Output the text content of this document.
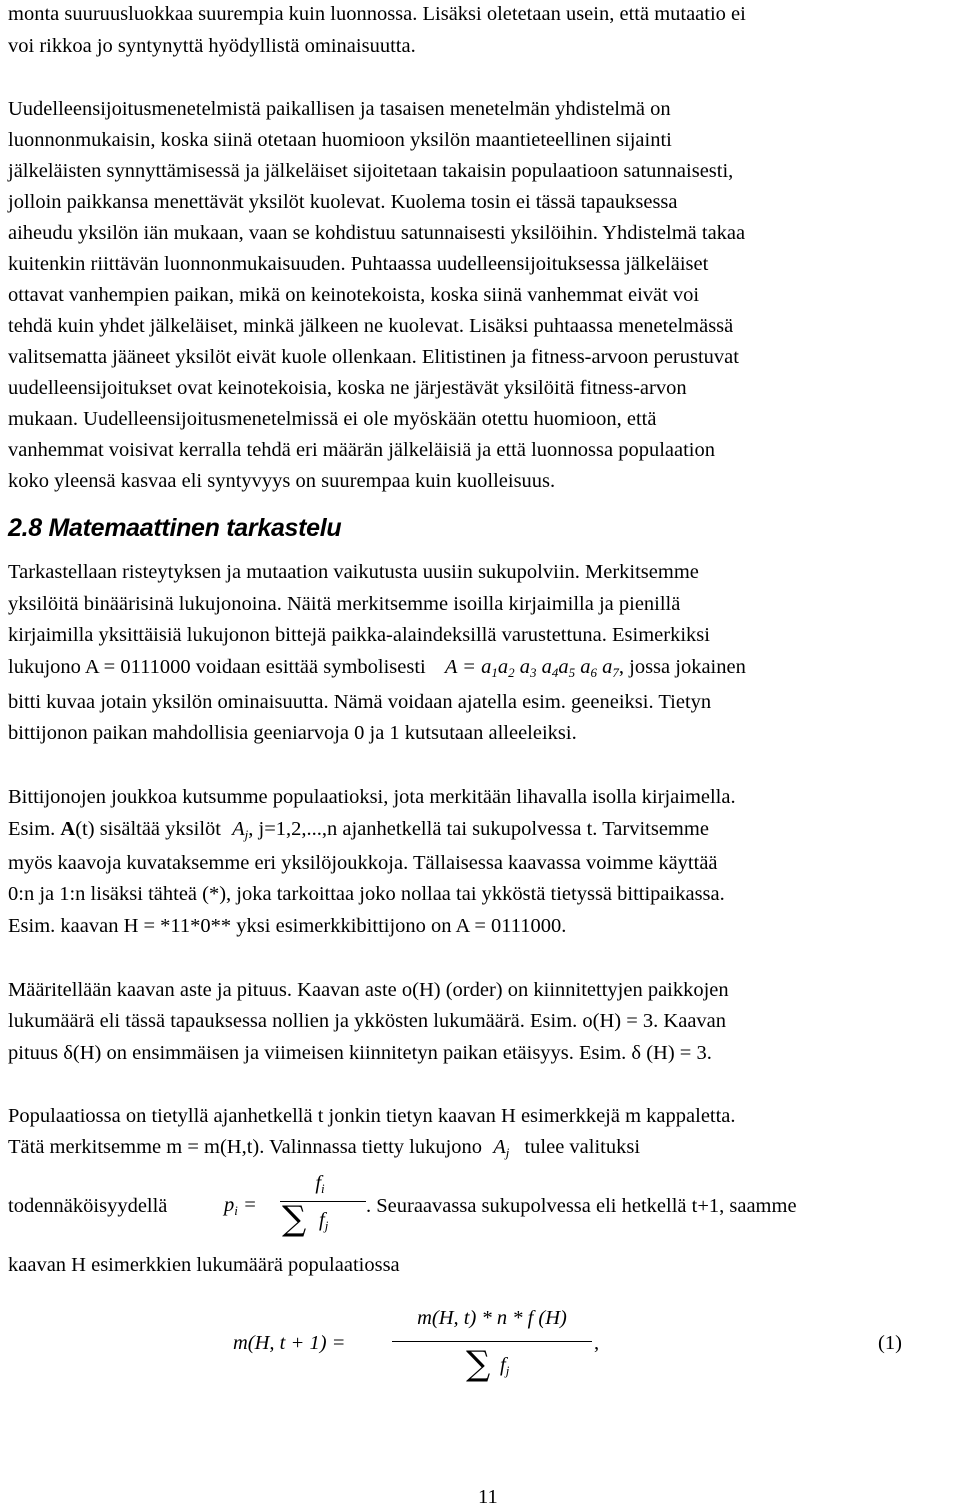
monta suuruusluokkaa suurempia kuin luonnossa. Lisäksi oletetaan usein, että mutaatio ei
voi rikkoa jo syntynyttä hyödyllistä ominaisuutta.
Uudelleensijoitusmenetelmistä paikallisen ja tasaisen menetelmän yhdistelmä on
luonnonmukaisin, koska siinä otetaan huomioon yksilön maantieteellinen sijainti
jälkeläisten synnyttämisessä ja jälkeläiset sijoitetaan takaisin populaatioon satunnaisesti,
jolloin paikkansa menettävät yksilöt kuolevat. Kuolema tosin ei tässä tapauksessa
aiheudu yksilön iän mukaan, vaan se kohdistuu satunnaisesti yksilöihin. Yhdistelmä takaa
kuitenkin riittävän luonnonmukaisuuden. Puhtaassa uudelleensijoituksessa jälkeläiset
ottavat vanhempien paikan, mikä on keinotekoista, koska siinä vanhemmat eivät voi
tehdä kuin yhdet jälkeläiset, minkä jälkeen ne kuolevat. Lisäksi puhtaassa menetelmässä
valitsematta jääneet yksilöt eivät kuole ollenkaan. Elitistinen ja fitness-arvoon perustuvat
uudelleensijoitukset ovat keinotekoisia, koska ne järjestävät yksilöitä fitness-arvon
mukaan. Uudelleensijoitusmenetelmissä ei ole myöskään otettu huomioon, että
vanhemmat voisivat kerralla tehdä eri määrän jälkeläisiä ja että luonnossa populaation
koko yleensä kasvaa eli syntyvyys on suurempaa kuin kuolleisuus.
2.8 Matemaattinen tarkastelu
Tarkastellaan risteytyksen ja mutaation vaikutusta uusiin sukupolviin. Merkitsemme
yksilöitä binäärisinä lukujonoina. Näitä merkitsemme isoilla kirjaimilla ja pienillä
kirjaimilla yksittäisiä lukujonon bittejä paikka-alaindeksillä varustettuna. Esimerkiksi
lukujono A = 0111000 voidaan esittää symbolisesti $A = a_1a_2$ $a_3$ $a_4a_5$ $a_6$ $a_7$, jossa jokainen
bitti kuvaa jotain yksilön ominaisuutta. Nämä voidaan ajatella esim. geeneiksi. Tietyn
bittijonon paikan mahdollisia geeniarvoja 0 ja 1 kutsutaan alleeleiksi.
Bittijonojen joukkoa kutsumme populaatioksi, jota merkitään lihavalla isolla kirjaimella.
Esim. A(t) sisältää yksilöt $A_j$, j=1,2,...,n ajanhetkellä tai sukupolvessa t. Tarvitsemme
myös kaavoja kuvataksemme eri yksilöjoukkoja. Tällaisessa kaavassa voimme käyttää
0:n ja 1:n lisäksi tähteä (*), joka tarkoittaa joko nollaa tai ykköstä tietyssä bittipaikassa.
Esim. kaavan H = *11*0** yksi esimerkkibittijono on A = 0111000.
Määritellään kaavan aste ja pituus. Kaavan aste o(H) (order) on kiinnitettyjen paikkojen
lukumäärä eli tässä tapauksessa nollien ja ykkösten lukumäärä. Esim. o(H) = 3. Kaavan
pituus δ(H) on ensimmäisen ja viimeisen kiinnitetyn paikan etäisyys. Esim. δ (H) = 3.
Populaatiossa on tietyllä ajanhetkellä t jonkin tietyn kaavan H esimerkkejä m kappaletta.
Tätä merkitsemme m = m(H,t). Valinnassa tietty lukujono $A_j$ tulee valituksi
todennäköisyydellä	$p_i$ =
$f_i$
∑ $f_j$
. Seuraavassa sukupolvessa eli hetkellä t+1, saamme
kaavan H esimerkkien lukumäärä populaatiossa
m(H, t + 1) =
m(H, t) * n * f (H)
∑ $f_j$
,	(1)
11
